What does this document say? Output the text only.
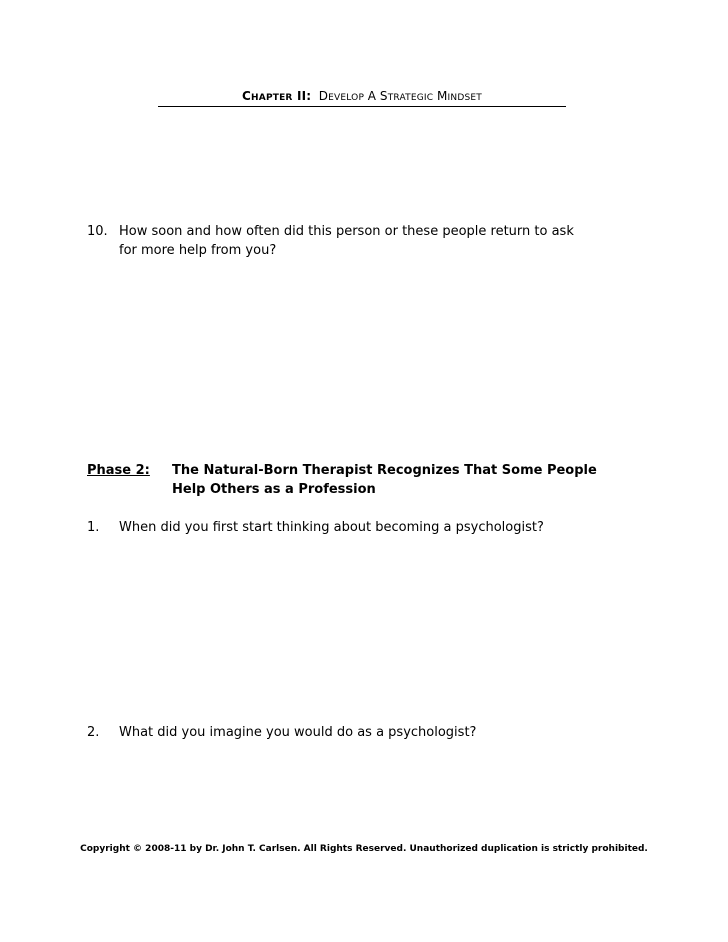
CHAPTER II: DEVELOP A STRATEGIC MINDSET
10. How soon and how often did this person or these people return to ask for more help from you?
Phase 2: The Natural-Born Therapist Recognizes That Some People Help Others as a Profession
1. When did you first start thinking about becoming a psychologist?
2. What did you imagine you would do as a psychologist?
Copyright © 2008-11 by Dr. John T. Carlsen. All Rights Reserved. Unauthorized duplication is strictly prohibited.
